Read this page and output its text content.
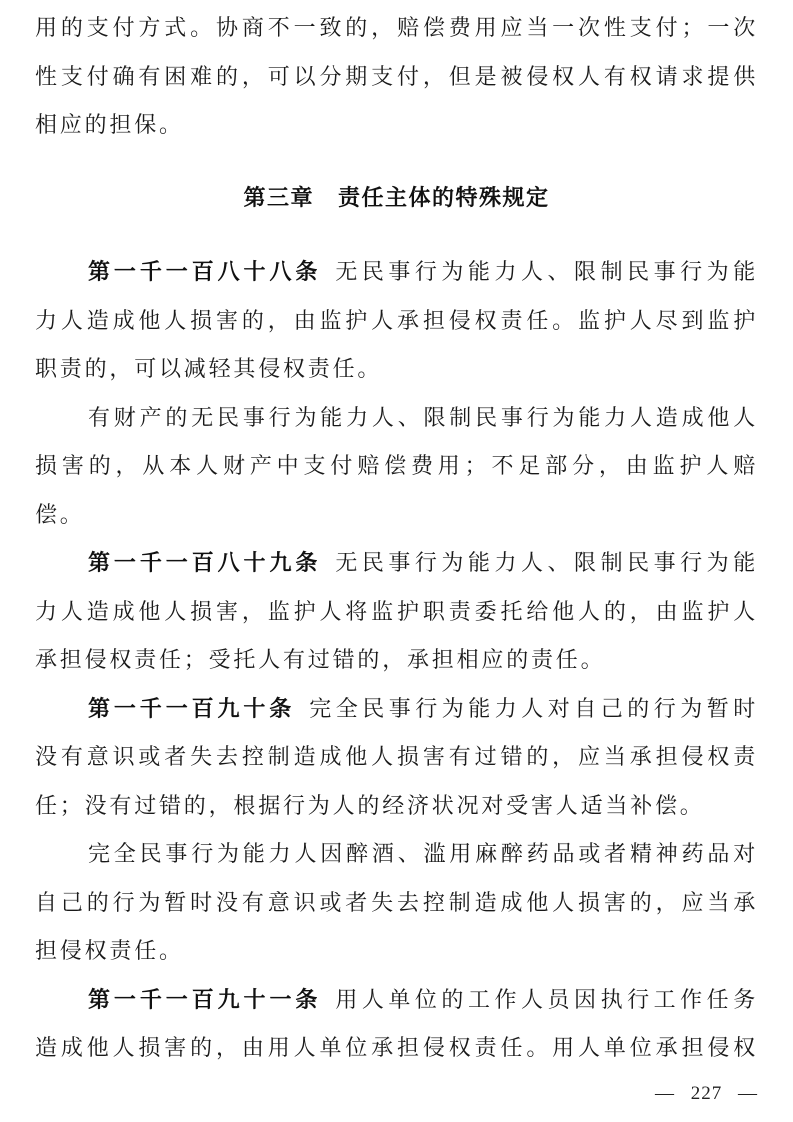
用的支付方式。协商不一致的，赔偿费用应当一次性支付；一次
性支付确有困难的，可以分期支付，但是被侵权人有权请求提供
相应的担保。
第三章 责任主体的特殊规定
第一千一百八十八条 无民事行为能力人、限制民事行为能
力人造成他人损害的，由监护人承担侵权责任。监护人尽到监护
职责的，可以减轻其侵权责任。
有财产的无民事行为能力人、限制民事行为能力人造成他人
损害的，从本人财产中支付赔偿费用；不足部分，由监护人赔
偿。
第一千一百八十九条 无民事行为能力人、限制民事行为能
力人造成他人损害，监护人将监护职责委托给他人的，由监护人
承担侵权责任；受托人有过错的，承担相应的责任。
第一千一百九十条 完全民事行为能力人对自己的行为暂时
没有意识或者失去控制造成他人损害有过错的，应当承担侵权责
任；没有过错的，根据行为人的经济状况对受害人适当补偿。
完全民事行为能力人因醉酒、滥用麻醉药品或者精神药品对
自己的行为暂时没有意识或者失去控制造成他人损害的，应当承
担侵权责任。
第一千一百九十一条 用人单位的工作人员因执行工作任务
造成他人损害的，由用人单位承担侵权责任。用人单位承担侵权
— 227 —
